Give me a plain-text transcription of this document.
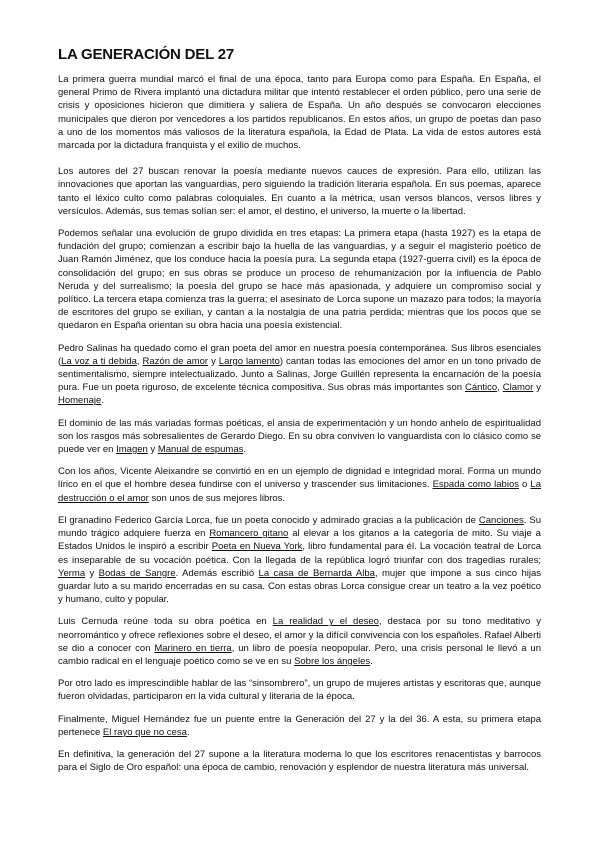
LA GENERACIÓN DEL 27

La primera guerra mundial marcó el final de una época, tanto para Europa como para España. En España, el general Primo de Rivera implantó una dictadura militar que intentó restablecer el orden público, pero una serie de crisis y oposiciones hicieron que dimitiera y saliera de España. Un año después se convocaron elecciones municipales que dieron por vencedores a los partidos republicanos. En estos años, un grupo de poetas dan paso a uno de los momentos más valiosos de la literatura española, la Edad de Plata. La vida de estos autores está marcada por la dictadura franquista y el exilio de muchos.

Los autores del 27 buscan renovar la poesía mediante nuevos cauces de expresión. Para ello, utilizan las innovaciones que aportan las vanguardias, pero siguiendo la tradición literaria española. En sus poemas, aparece tanto el léxico culto como palabras coloquiales. En cuanto a la métrica, usan versos blancos, versos libres y versículos. Además, sus temas solían ser: el amor, el destino, el universo, la muerte o la libertad.

Podemos señalar una evolución de grupo dividida en tres etapas: La primera etapa (hasta 1927) es la etapa de fundación del grupo; comienzan a escribir bajo la huella de las vanguardias, y a seguir el magisterio poético de Juan Ramón Jiménez, que los conduce hacia la poesía pura. La segunda etapa (1927-guerra civil) es la época de consolidación del grupo; en sus obras se produce un proceso de rehumanización por la influencia de Pablo Neruda y del surrealismo; la poesía del grupo se hace más apasionada, y adquiere un compromiso social y político. La tercera etapa comienza tras la guerra; el asesinato de Lorca supone un mazazo para todos; la mayoría de escritores del grupo se exilian, y cantan a la nostalgia de una patria perdida; mientras que los pocos que se quedaron en España orientan su obra hacia una poesía existencial.

Pedro Salinas ha quedado como el gran poeta del amor en nuestra poesía contemporánea. Sus libros esenciales (La voz a ti debida, Razón de amor y Largo lamento) cantan todas las emociones del amor en un tono privado de sentimentalismo, siempre intelectualizado. Junto a Salinas, Jorge Guillén representa la encarnación de la poesía pura. Fue un poeta riguroso, de excelente técnica compositiva. Sus obras más importantes son Cántico, Clamor y Homenaje.

El dominio de las más variadas formas poéticas, el ansia de experimentación y un hondo anhelo de espiritualidad son los rasgos más sobresalientes de Gerardo Diego. En su obra conviven lo vanguardista con lo clásico como se puede ver en Imagen y Manual de espumas.

Con los años, Vicente Aleixandre se convirtió en en un ejemplo de dignidad e integridad moral. Forma un mundo lírico en el que el hombre desea fundirse con el universo y trascender sus limitaciones. Espada como labios o La destrucción o el amor son unos de sus mejores libros.

El granadino Federico García Lorca, fue un poeta conocido y admirado gracias a la publicación de Canciones. Su mundo trágico adquiere fuerza en Romancero gitano al elevar a los gitanos a la categoría de mito. Su viaje a Estados Unidos le inspiró a escribir Poeta en Nueva York, libro fundamental para él. La vocación teatral de Lorca es inseparable de su vocación poética. Con la llegada de la república logró triunfar con dos tragedias rurales; Yerma y Bodas de Sangre. Además escribió La casa de Bernarda Alba, mujer que impone a sus cinco hijas guardar luto a su marido encerradas en su casa. Con estas obras Lorca consigue crear un teatro a la vez poético y humano, culto y popular.

Luis Cernuda reúne toda su obra poética en La realidad y el deseo, destaca por su tono meditativo y neorromántico y ofrece reflexiones sobre el deseo, el amor y la difícil convivencia con los españoles. Rafael Alberti se dio a conocer con Marinero en tierra, un libro de poesía neopopular. Pero, una crisis personal le llevó a un cambio radical en el lenguaje poético como se ve en su Sobre los ángeles.

Por otro lado es imprescindible hablar de las “sinsombrero”, un grupo de mujeres artistas y escritoras que, aunque fueron olvidadas, participaron en la vida cultural y literaria de la época.

Finalmente, Miguel Hernández fue un puente entre la Generación del 27 y la del 36. A esta, su primera etapa pertenece El rayo que no cesa.

En definitiva, la generación del 27 supone a la literatura moderna lo que los escritores renacentistas y barrocos para el Siglo de Oro español: una época de cambio, renovación y esplendor de nuestra literatura más universal.
